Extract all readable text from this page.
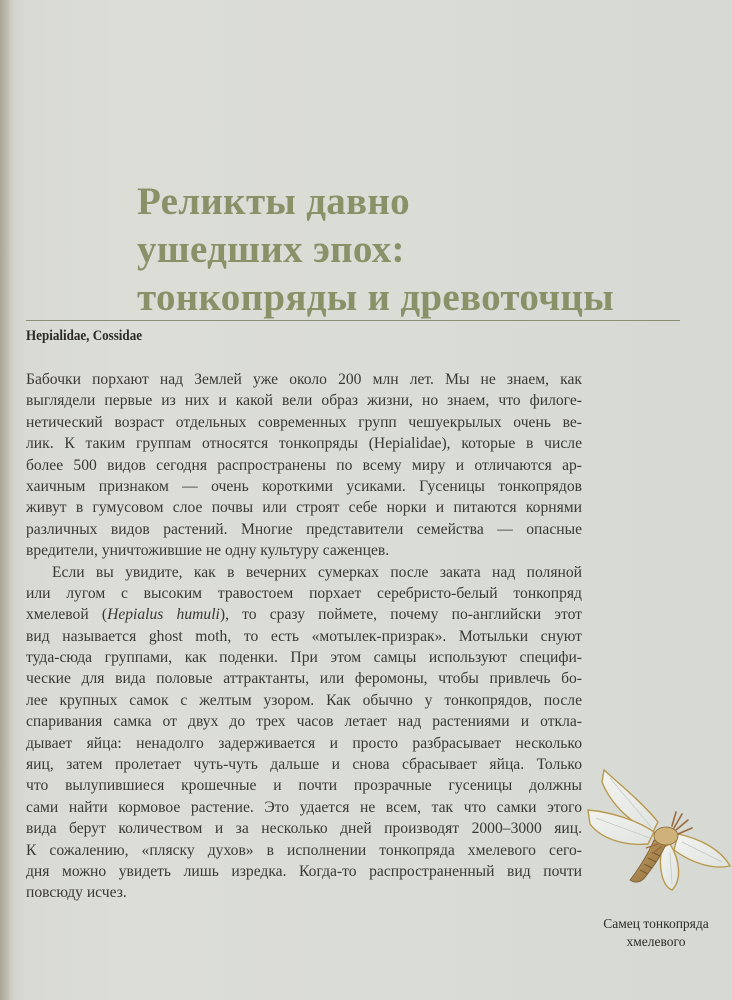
Реликты давно
ушедших эпох:
тонкопряды и древоточцы
Hepialidae, Cossidae
Бабочки порхают над Землей уже около 200 млн лет. Мы не знаем, как
выглядели первые из них и какой вели образ жизни, но знаем, что филоге-
нетический возраст отдельных современных групп чешуекрылых очень ве-
лик. К таким группам относятся тонкопряды (Hepialidae), которые в числе
более 500 видов сегодня распространены по всему миру и отличаются ар-
хаичным признаком — очень короткими усиками. Гусеницы тонкопрядов
живут в гумусовом слое почвы или строят себе норки и питаются корнями
различных видов растений. Многие представители семейства — опасные
вредители, уничтожившие не одну культуру саженцев.
Если вы увидите, как в вечерних сумерках после заката над поляной
или лугом с высоким травостоем порхает серебристо-белый тонкопряд
хмелевой (Hepialus humuli), то сразу поймете, почему по-английски этот
вид называется ghost moth, то есть «мотылек-призрак». Мотыльки снуют
туда-сюда группами, как поденки. При этом самцы используют специфи-
ческие для вида половые аттрактанты, или феромоны, чтобы привлечь бо-
лее крупных самок с желтым узором. Как обычно у тонкопрядов, после
спаривания самка от двух до трех часов летает над растениями и откла-
дывает яйца: ненадолго задерживается и просто разбрасывает несколько
яиц, затем пролетает чуть-чуть дальше и снова сбрасывает яйца. Только
что вылупившиеся крошечные и почти прозрачные гусеницы должны
сами найти кормовое растение. Это удается не всем, так что самки этого
вида берут количеством и за несколько дней производят 2000–3000 яиц.
К сожалению, «пляску духов» в исполнении тонкопряда хмелевого сего-
дня можно увидеть лишь изредка. Когда-то распространенный вид почти
повсюду исчез.
Самец тонкопряда
хмелевого
